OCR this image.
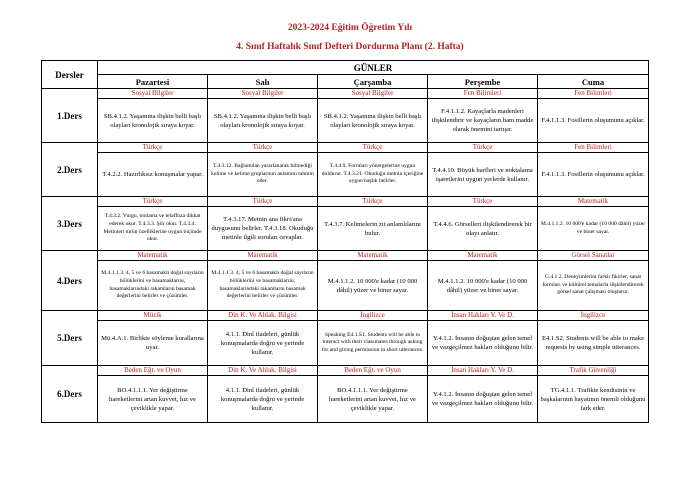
2023-2024 Eğitim Öğretim Yılı
4. Sınıf Haftalık Sınıf Defteri Dordurma Planı (2. Hafta)
Dersler	GÜNLER				
	Pazartesi	Salı	Çarşamba	Perşembe	Cuma
1.Ders	Sosyal Bilgiler	Sosyal Bilgiler	Sosyal Bilgiler	Fen Bilimleri	Fen Bilimleri
	SB.4.1.2. Yaşamına ilişkin belli başlı olayları kronolojik sıraya koyar.	SB.4.1.2. Yaşamına ilişkin belli başlı olayları kronolojik sıraya koyar.	SB.4.1.2. Yaşamına ilişkin belli başlı olayları kronolojik sıraya koyar.	F.4.1.1.2. Kayaçlarla madenleri ilişkilendirir ve kayaçların ham madde olarak önemini tartışır.	F.4.1.1.3. Fosillerin oluşumunu açıklar.
2.Ders	Türkçe	Türkçe	Türkçe	Türkçe	Fen Bilimleri
	T.4.2.2. Hazırlıksız konuşmalar yapar.	T.4.3.12. Bağlamdan yararlanarak bilmediği kelime ve kelime gruplarının anlamını tahmin eder.	T.4.4.9. Formları yönergelerine uygun doldurur. T.4.3.21. Okuduğu metnin içeriğine uygun başlık belirler.	T.4.4.10. Büyük harfleri ve noktalama işaretlerini uygun yerlerde kullanır.	F.4.1.1.3. Fosillerin oluşumunu açıklar.
3.Ders	Türkçe	Türkçe	Türkçe	Türkçe	Matematik
	T.4.3.2. Vurgu, tonlama ve telaffuza dikkat ederek okur. T.4.3.3. Şiir okur. T.4.3.4. Metinleri türün özelliklerine uygun biçimde okur.	T.4.3.17. Metnin ana fikri/ana duygusunu belirler. T.4.3.18. Okuduğu metinle ilgili soruları cevaplar.	T.4.3.7. Kelimelerin zıt anlamlılarını bulur.	T.4.4.6. Görselleri ilişkilendirerek bir olayı anlatır.	M.4.1.1.2. 10 000'e kadar (10 000 dâhil) yüzer ve biner sayar.
4.Ders	Matematik	Matematik	Matematik	Matematik	Görsel Sanatlar
	M.4.1.1.3. 4, 5 ve 6 basamaklı doğal sayıların bölüklerini ve basamaklarını, basamaklarındaki rakamların basamak değerlerini belirler ve çözümler.	M.4.1.1.3. 4, 5 ve 6 basamaklı doğal sayıların bölüklerini ve basamaklarını, basamaklarındaki rakamların basamak değerlerini belirler ve çözümler.	M.4.1.1.2. 10 000'e kadar (10 000 dâhil) yüzer ve biner sayar.	M.4.1.1.2. 10 000'e kadar (10 000 dâhil) yüzer ve biner sayar.	G.4.1.2. Deneyimlerini farklı fikirler, sanat formları ve kültürel temalarla ilişkilendirerek görsel sanat çalışması oluşturur.
5.Ders	Müzik	Din K. Ve Ahlak. Bilgisi	İngilizce	İnsan Hakları Y. Ve D.	İngilizce
	Mü.4.A.1. Birlikte söyleme kurallarına uyar.	4.1.1. Dinî ifadeleri, günlük konuşmalarda doğru ve yerinde kullanır.	Speaking E4.1.S1. Students will be able to interact with their classmates through asking for and giving permission in short utterances.	Y.4.1.2. İnsanın doğuştan gelen temel ve vazgeçilmez hakları olduğunu bilir.	E4.1.S2. Students will be able to make requests by using simple utterances.
6.Ders	Beden Eğt. ve Oyun	Din K. Ve Ahlak. Bilgisi	Beden Eğt. ve Oyun	İnsan Hakları Y. Ve D.	Trafik Güvenliği
	BO.4.1.1.1. Yer değiştirme hareketlerini artan kuvvet, hız ve çeviklikle yapar.	4.1.1. Dinî ifadeleri, günlük konuşmalarda doğru ve yerinde kullanır.	BO.4.1.1.1. Yer değiştirme hareketlerini artan kuvvet, hız ve çeviklikle yapar.	Y.4.1.2. İnsanın doğuştan gelen temel ve vazgeçilmez hakları olduğunu bilir.	TG.4.1.1. Trafikte kendisinin ve başkalarının hayatının önemli olduğunu fark eder.
